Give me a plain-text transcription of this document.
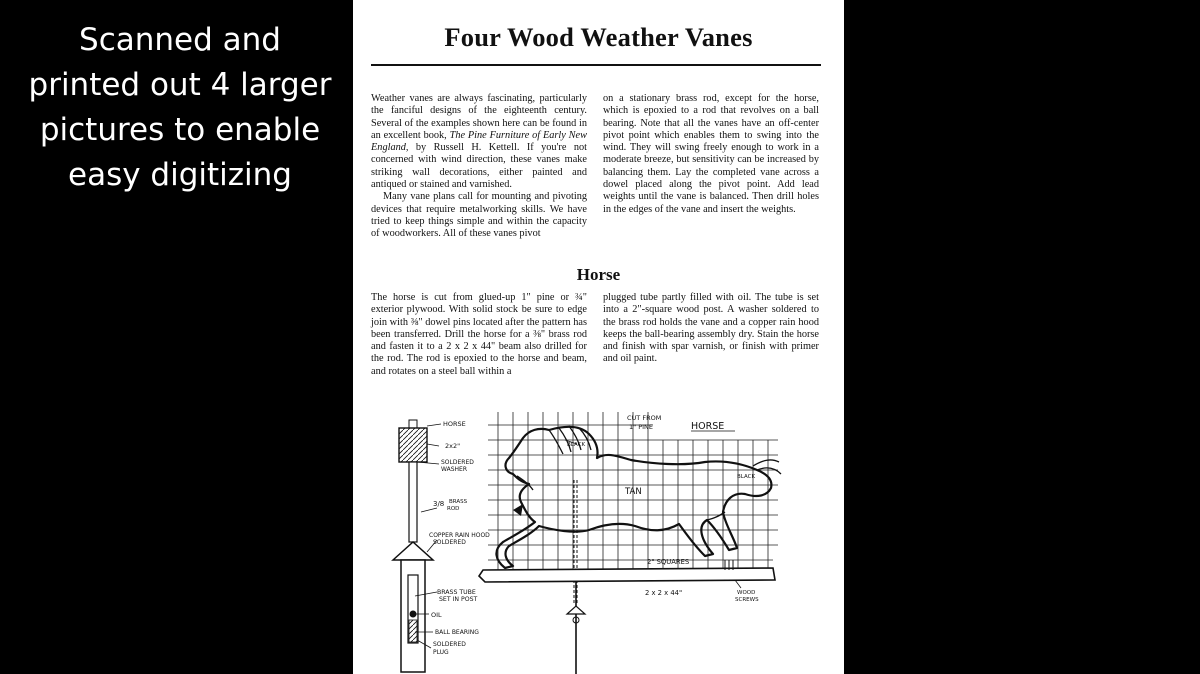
Scanned and
printed out 4 larger
pictures to enable
easy digitizing
Four Wood Weather Vanes

Weather vanes are always fascinating, particularly the fanciful designs of the eighteenth century. Several of the examples shown here can be found in an excellent book, The Pine Furniture of Early New England, by Russell H. Kettell. If you're not concerned with wind direction, these vanes make striking wall decorations, either painted and antiqued or stained and varnished.

Many vane plans call for mounting and pivoting devices that require metalworking skills. We have tried to keep things simple and within the capacity of woodworkers. All of these vanes pivot

on a stationary brass rod, except for the horse, which is epoxied to a rod that revolves on a ball bearing. Note that all the vanes have an off-center pivot point which enables them to swing into the wind. They will swing freely enough to work in a moderate breeze, but sensitivity can be increased by balancing them. Lay the completed vane across a dowel placed along the pivot point. Add lead weights until the vane is balanced. Then drill holes in the edges of the vane and insert the weights.

Horse

The horse is cut from glued-up 1" pine or ¾" exterior plywood. With solid stock be sure to edge join with ⅜" dowel pins located after the pattern has been transferred. Drill the horse for a ⅜" brass rod and fasten it to a 2 x 2 x 44" beam also drilled for the rod. The rod is epoxied to the horse and beam, and rotates on a steel ball within a

plugged tube partly filled with oil. The tube is set into a 2"-square wood post. A washer soldered to the brass rod holds the vane and a copper rain hood keeps the ball-bearing assembly dry. Stain the horse and finish with spar varnish, or finish with primer and oil paint.

HORSE
2x2"
SOLDERED
WASHER
3/8 BRASS
ROD
COPPER RAIN HOOD
SOLDERED
BRASS TUBE
SET IN POST
OIL
BALL BEARING
SOLDERED
PLUG
CUT FROM
1" PINE	HORSE
BLACK
BLACK
TAN
2" SQUARES
2 x 2 x 44"	WOOD
SCREWS
